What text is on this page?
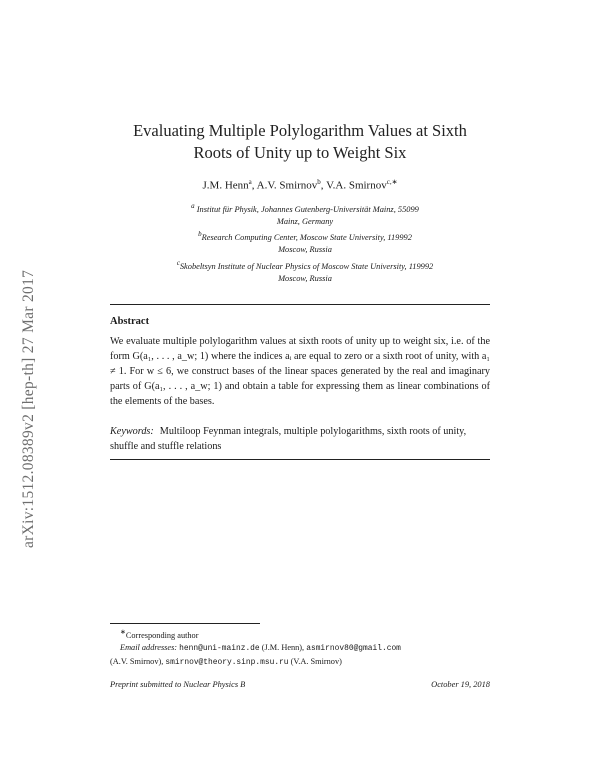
arXiv:1512.08389v2 [hep-th] 27 Mar 2017
Evaluating Multiple Polylogarithm Values at Sixth
Roots of Unity up to Weight Six
J.M. Henn$^a$, A.V. Smirnov$^b$, V.A. Smirnov$^{c,∗}$
$^a$ Institut für Physik, Johannes Gutenberg-Universität Mainz, 55099
Mainz, Germany
$^b$Research Computing Center, Moscow State University, 119992
Moscow, Russia
$^c$Skobeltsyn Institute of Nuclear Physics of Moscow State University, 119992
Moscow, Russia
Abstract
We evaluate multiple polylogarithm values at sixth roots of unity up to weight six, i.e. of the form G(a₁, . . . , a_w; 1) where the indices aᵢ are equal to zero or a sixth root of unity, with a₁ ≠ 1. For w ≤ 6, we construct bases of the linear spaces generated by the real and imaginary parts of G(a₁, . . . , a_w; 1) and obtain a table for expressing them as linear combinations of the elements of the bases.
Keywords: Multiloop Feynman integrals, multiple polylogarithms, sixth roots of unity, shuffle and stuffle relations
∗Corresponding author
Email addresses: henn@uni-mainz.de (J.M. Henn), asmirnov80@gmail.com
(A.V. Smirnov), smirnov@theory.sinp.msu.ru (V.A. Smirnov)
Preprint submitted to Nuclear Physics B	October 19, 2018
